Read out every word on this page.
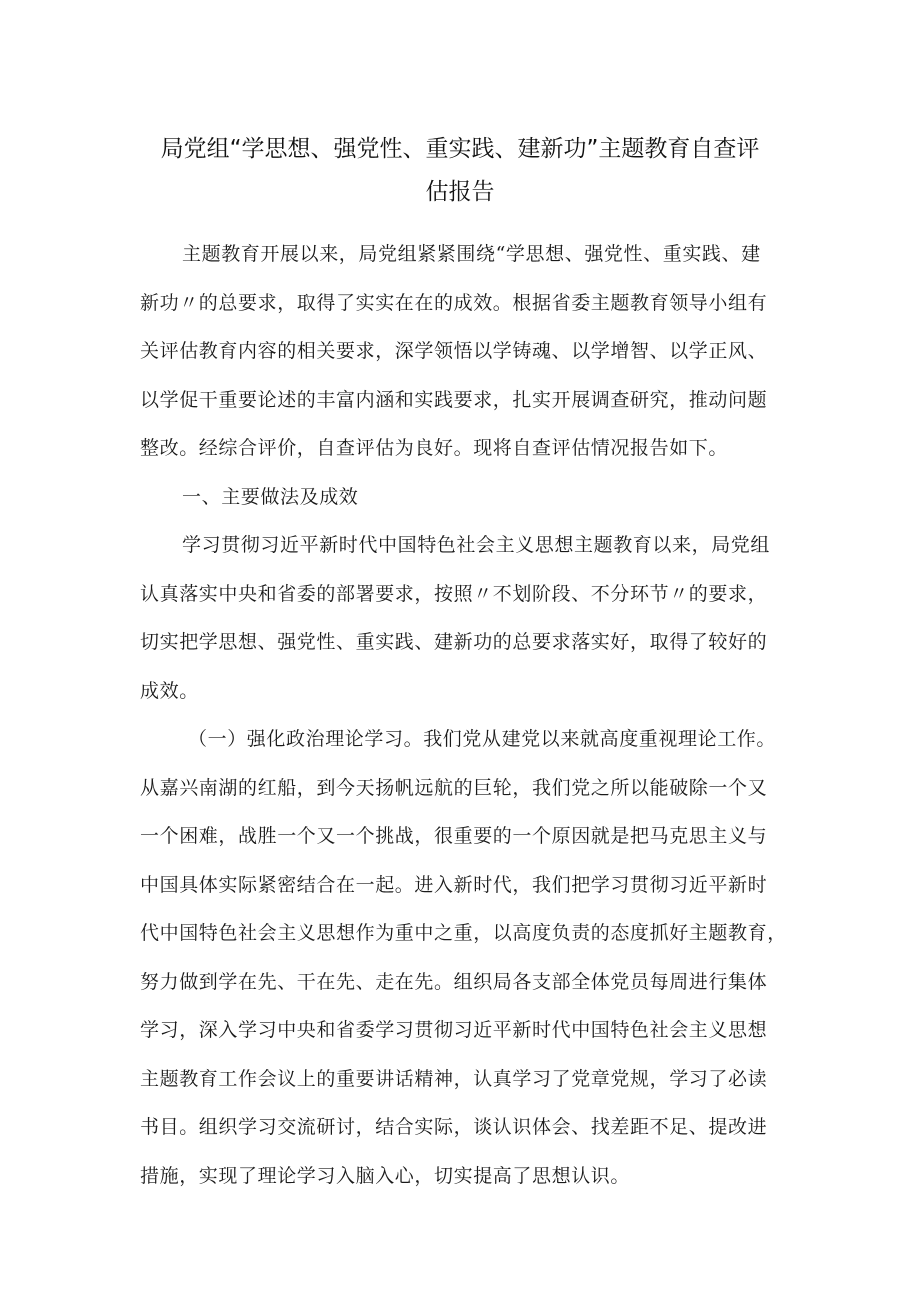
局党组“学思想、强党性、重实践、建新功”主题教育自查评
估报告

主题教育开展以来，局党组紧紧围绕“学思想、强党性、重实践、建
新功〃的总要求，取得了实实在在的成效。根据省委主题教育领导小组有
关评估教育内容的相关要求，深学领悟以学铸魂、以学增智、以学正风、
以学促干重要论述的丰富内涵和实践要求，扎实开展调查研究，推动问题
整改。经综合评价，自查评估为良好。现将自查评估情况报告如下。

一、主要做法及成效

学习贯彻习近平新时代中国特色社会主义思想主题教育以来，局党组
认真落实中央和省委的部署要求，按照〃不划阶段、不分环节〃的要求，
切实把学思想、强党性、重实践、建新功的总要求落实好，取得了较好的
成效。

（一）强化政治理论学习。我们党从建党以来就高度重视理论工作。
从嘉兴南湖的红船，到今天扬帆远航的巨轮，我们党之所以能破除一个又
一个困难，战胜一个又一个挑战，很重要的一个原因就是把马克思主义与
中国具体实际紧密结合在一起。进入新时代，我们把学习贯彻习近平新时
代中国特色社会主义思想作为重中之重，以高度负责的态度抓好主题教育，
努力做到学在先、干在先、走在先。组织局各支部全体党员每周进行集体
学习，深入学习中央和省委学习贯彻习近平新时代中国特色社会主义思想
主题教育工作会议上的重要讲话精神，认真学习了党章党规，学习了必读
书目。组织学习交流研讨，结合实际，谈认识体会、找差距不足、提改进
措施，实现了理论学习入脑入心，切实提高了思想认识。
